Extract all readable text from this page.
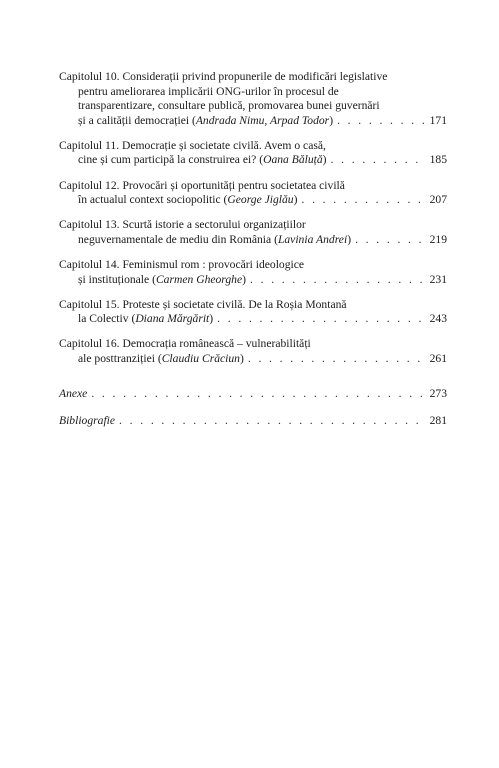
Capitolul 10. Considerații privind propunerile de modificări legislative
pentru ameliorarea implicării ONG-urilor în procesul de
transparentizare, consultare publică, promovarea bunei guvernări
și a calității democrației (Andrada Nimu, Arpad Todor) . . .	171
Capitolul 11. Democrație și societate civilă. Avem o casă,
cine și cum participă la construirea ei? (Oana Băluță) . . .	185
Capitolul 12. Provocări și oportunități pentru societatea civilă
în actualul context sociopolitic (George Jiglău) . . .	207
Capitolul 13. Scurtă istorie a sectorului organizațiilor
neguvernamentale de mediu din România (Lavinia Andrei) . . .	219
Capitolul 14. Feminismul rom : provocări ideologice
și instituționale (Carmen Gheorghe) . . .	231
Capitolul 15. Proteste și societate civilă. De la Roșia Montană
la Colectiv (Diana Mărgărit) . . .	243
Capitolul 16. Democrația românească – vulnerabilități
ale posttranziției (Claudiu Crăciun) . . .	261
Anexe . . .	273
Bibliografie . . .	281
